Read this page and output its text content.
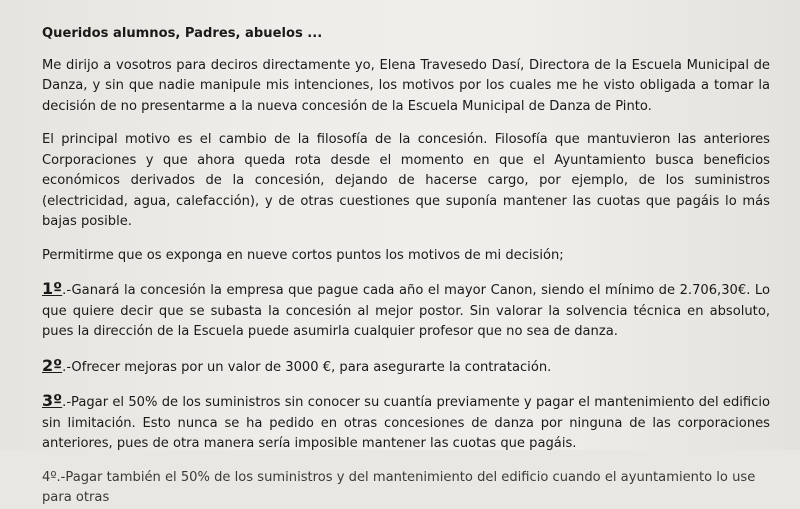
Queridos alumnos, Padres, abuelos ...

Me dirijo a vosotros para deciros directamente yo, Elena Travesedo Dasí, Directora de la Escuela Municipal de Danza, y sin que nadie manipule mis intenciones, los motivos por los cuales me he visto obligada a tomar la decisión de no presentarme a la nueva concesión de la Escuela Municipal de Danza de Pinto.

El principal motivo es el cambio de la filosofía de la concesión. Filosofía que mantuvieron las anteriores Corporaciones y que ahora queda rota desde el momento en que el Ayuntamiento busca beneficios económicos derivados de la concesión, dejando de hacerse cargo, por ejemplo, de los suministros (electricidad, agua, calefacción), y de otras cuestiones que suponía mantener las cuotas que pagáis lo más bajas posible.

Permitirme que os exponga en nueve cortos puntos los motivos de mi decisión;

1º.-Ganará la concesión la empresa que pague cada año el mayor Canon, siendo el mínimo de 2.706,30€. Lo que quiere decir que se subasta la concesión al mejor postor. Sin valorar la solvencia técnica en absoluto, pues la dirección de la Escuela puede asumirla cualquier profesor que no sea de danza.

2º.-Ofrecer mejoras por un valor de 3000 €, para asegurarte la contratación.

3º.-Pagar el 50% de los suministros sin conocer su cuantía previamente y pagar el mantenimiento del edificio sin limitación. Esto nunca se ha pedido en otras concesiones de danza por ninguna de las corporaciones anteriores, pues de otra manera sería imposible mantener las cuotas que pagáis.

4º.-Pagar también el 50% de los suministros y del mantenimiento del edificio cuando el ayuntamiento lo use para otras
